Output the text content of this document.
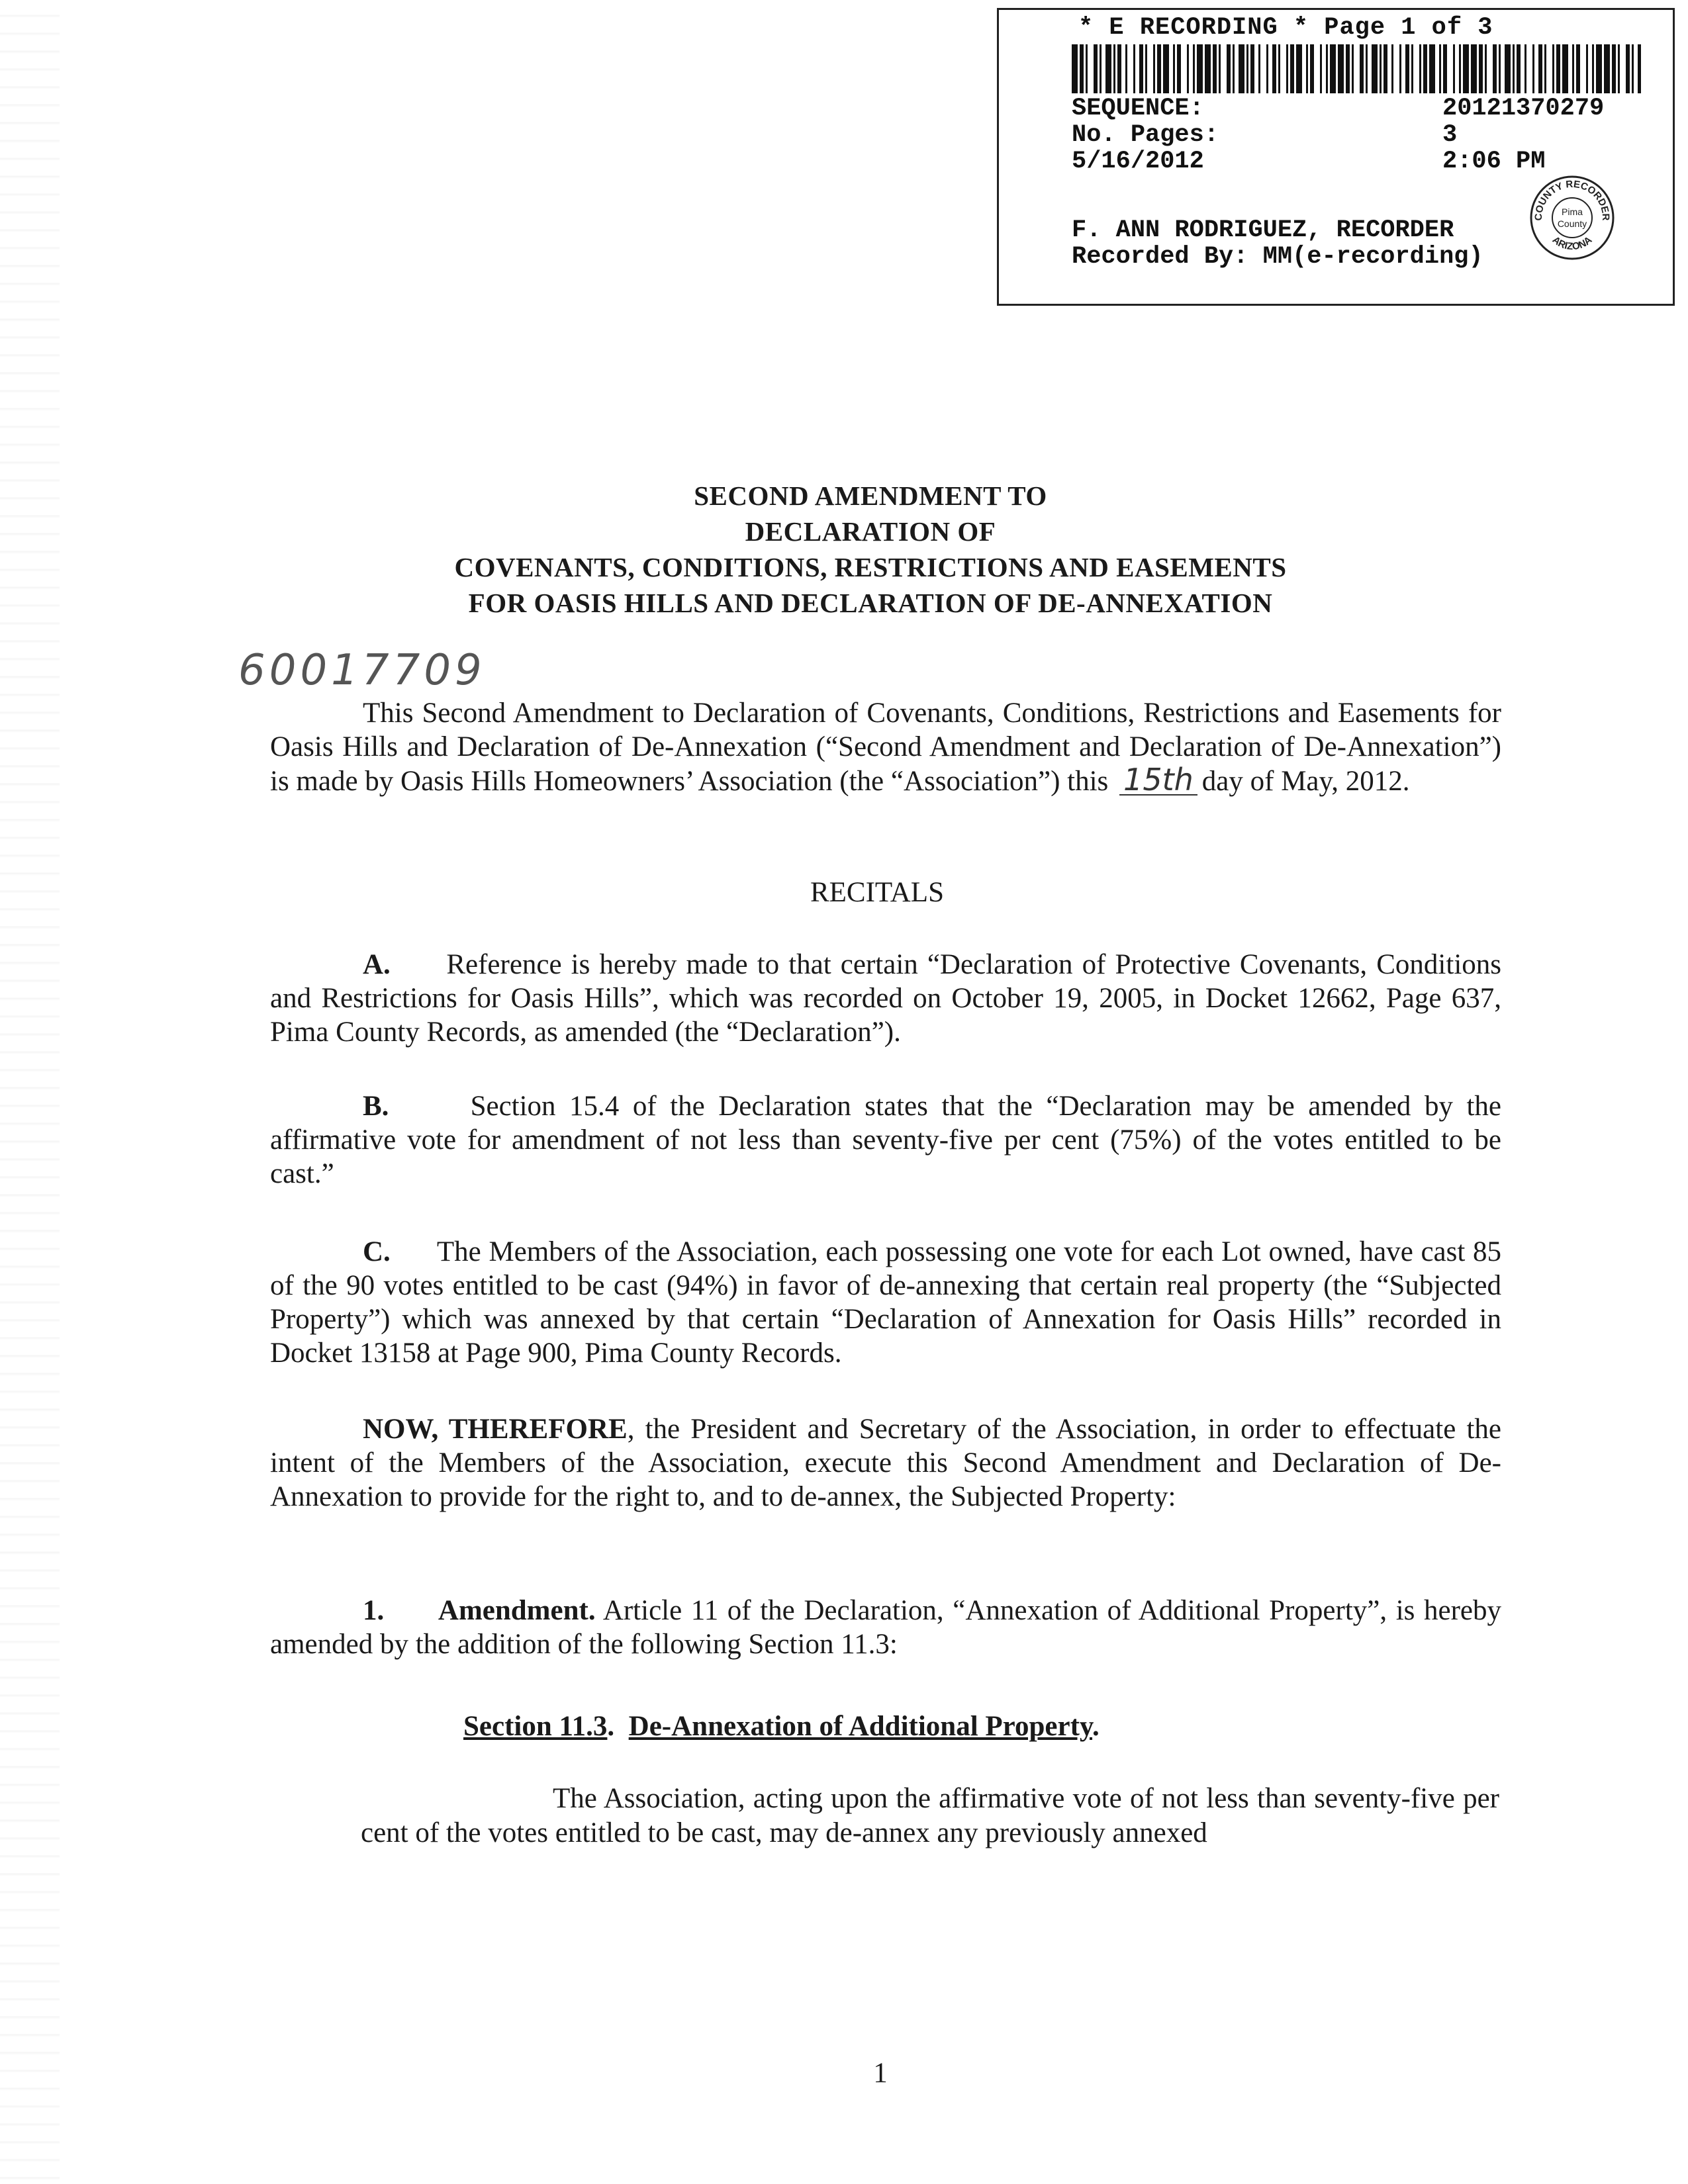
* E RECORDING * Page 1 of 3
SEQUENCE:	20121370279
No. Pages:	3
5/16/2012	2:06 PM
F. ANN RODRIGUEZ, RECORDER
Recorded By: MM(e-recording)
COUNTY RECORDER
ARIZONA
Pima
County
SECOND AMENDMENT TO
DECLARATION OF
COVENANTS, CONDITIONS, RESTRICTIONS AND EASEMENTS
FOR OASIS HILLS AND DECLARATION OF DE-ANNEXATION
60017709
This Second Amendment to Declaration of Covenants, Conditions, Restrictions and Easements for Oasis Hills and Declaration of De-Annexation (“Second Amendment and Declaration of De-Annexation”) is made by Oasis Hills Homeowners’ Association (the “Association”) this 15th day of May, 2012.
RECITALS
A. Reference is hereby made to that certain “Declaration of Protective Covenants, Conditions and Restrictions for Oasis Hills”, which was recorded on October 19, 2005, in Docket 12662, Page 637, Pima County Records, as amended (the “Declaration”).
B.	Section 15.4 of the Declaration states that the “Declaration may be amended by the affirmative vote for amendment of not less than seventy-five per cent (75%) of the votes entitled to be cast.”
C. The Members of the Association, each possessing one vote for each Lot owned, have cast 85 of the 90 votes entitled to be cast (94%) in favor of de-annexing that certain real property (the “Subjected Property”) which was annexed by that certain “Declaration of Annexation for Oasis Hills” recorded in Docket 13158 at Page 900, Pima County Records.
NOW, THEREFORE, the President and Secretary of the Association, in order to effectuate the intent of the Members of the Association, execute this Second Amendment and Declaration of De-Annexation to provide for the right to, and to de-annex, the Subjected Property:
1. Amendment. Article 11 of the Declaration, “Annexation of Additional Property”, is hereby amended by the addition of the following Section 11.3:
Section 11.3.  De-Annexation of Additional Property.
The Association, acting upon the affirmative vote of not less than seventy-five per cent of the votes entitled to be cast, may de-annex any previously annexed
1
